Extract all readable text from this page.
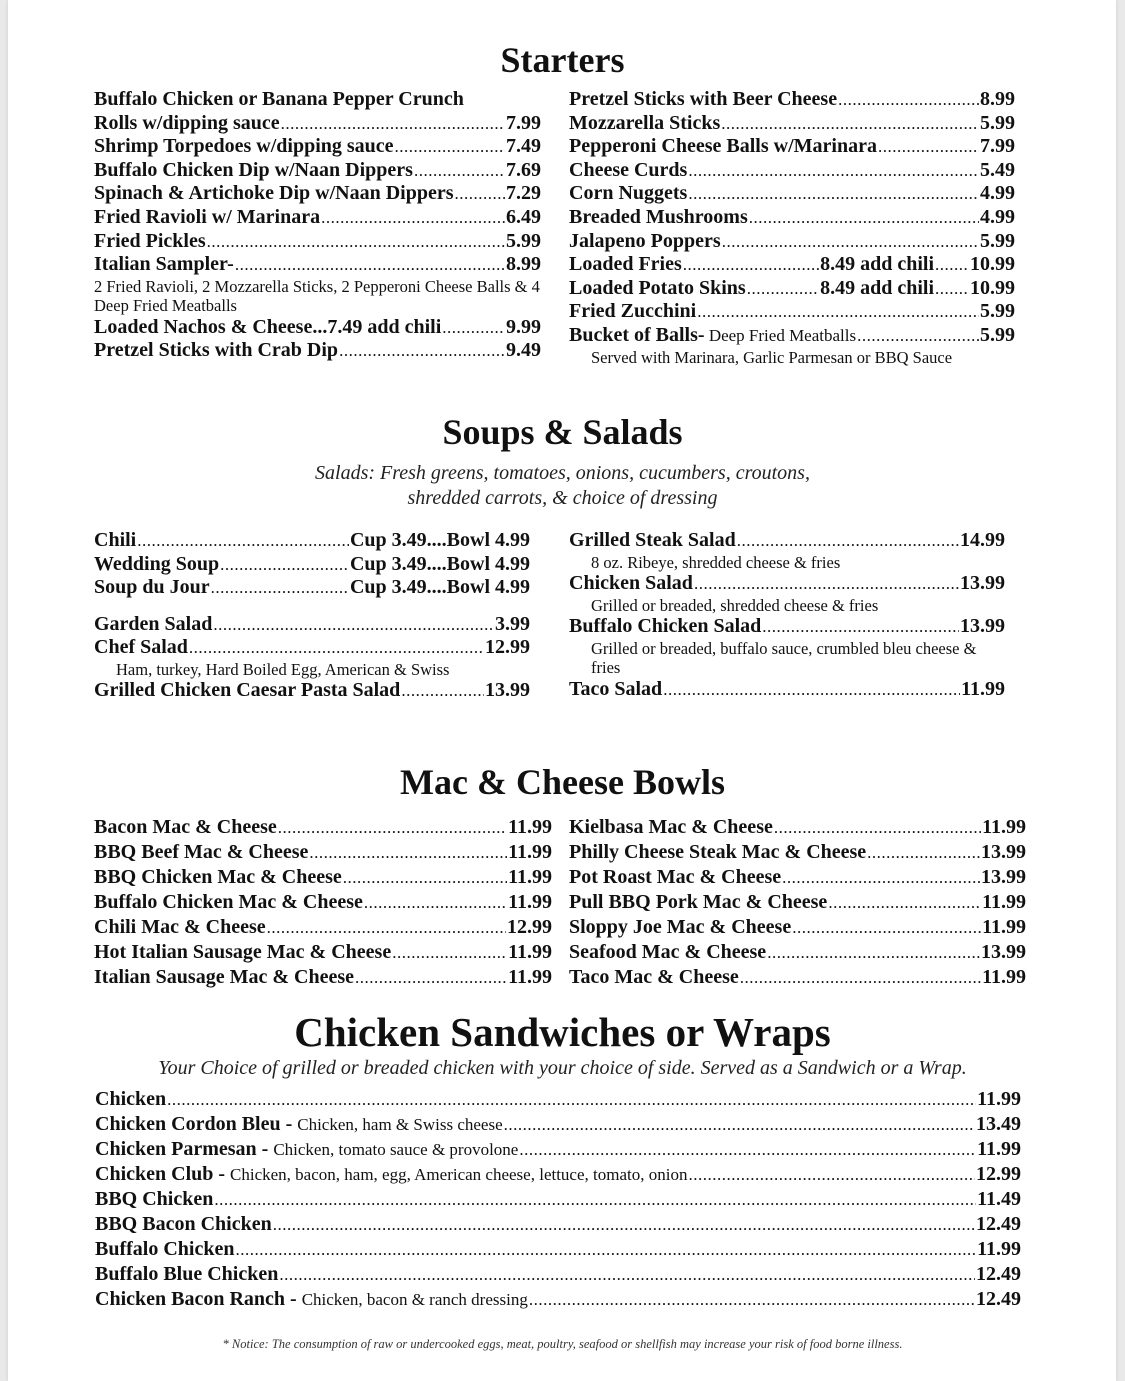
Starters
Buffalo Chicken or Banana Pepper Crunch
Rolls w/dipping sauce .....	7.99
Shrimp Torpedoes w/dipping sauce .....	7.49
Buffalo Chicken Dip w/Naan Dippers .....	7.69
Spinach & Artichoke Dip w/Naan Dippers .....	7.29
Fried Ravioli w/ Marinara .....	6.49
Fried Pickles .....	5.99
Italian Sampler- .....	8.99
2 Fried Ravioli, 2 Mozzarella Sticks, 2 Pepperoni Cheese Balls & 4 Deep Fried Meatballs
Loaded Nachos & Cheese...7.49 add chili .....	9.99
Pretzel Sticks with Crab Dip .....	9.49
Pretzel Sticks with Beer Cheese .....	8.99
Mozzarella Sticks .....	5.99
Pepperoni Cheese Balls w/Marinara .....	7.99
Cheese Curds .....	5.49
Corn Nuggets .....	4.99
Breaded Mushrooms .....	4.99
Jalapeno Poppers .....	5.99
Loaded Fries .....	8.49 add chili ..... 10.99
Loaded Potato Skins .....	8.49 add chili ..... 10.99
Fried Zucchini .....	5.99
Bucket of Balls- Deep Fried Meatballs .....	5.99
Served with Marinara, Garlic Parmesan or BBQ Sauce
Soups & Salads
Salads: Fresh greens, tomatoes, onions, cucumbers, croutons,
shredded carrots, & choice of dressing
Chili .....	Cup 3.49....Bowl 4.99
Wedding Soup .....	Cup 3.49....Bowl 4.99
Soup du Jour .....	Cup 3.49....Bowl 4.99
Garden Salad .....	3.99
Chef Salad .....	12.99
Ham, turkey, Hard Boiled Egg, American & Swiss
Grilled Chicken Caesar Pasta Salad .....	13.99
Grilled Steak Salad .....	14.99
8 oz. Ribeye, shredded cheese & fries
Chicken Salad .....	13.99
Grilled or breaded, shredded cheese & fries
Buffalo Chicken Salad .....	13.99
Grilled or breaded, buffalo sauce, crumbled bleu cheese & fries
Taco Salad .....	11.99
Mac & Cheese Bowls
Bacon Mac & Cheese .....	11.99
BBQ Beef Mac & Cheese .....	11.99
BBQ Chicken Mac & Cheese .....	11.99
Buffalo Chicken Mac & Cheese .....	11.99
Chili Mac & Cheese .....	12.99
Hot Italian Sausage Mac & Cheese .....	11.99
Italian Sausage Mac & Cheese .....	11.99
Kielbasa Mac & Cheese .....	11.99
Philly Cheese Steak Mac & Cheese .....	13.99
Pot Roast Mac & Cheese .....	13.99
Pull BBQ Pork Mac & Cheese .....	11.99
Sloppy Joe Mac & Cheese .....	11.99
Seafood Mac & Cheese .....	13.99
Taco Mac & Cheese .....	11.99
Chicken Sandwiches or Wraps
Your Choice of grilled or breaded chicken with your choice of side. Served as a Sandwich or a Wrap.
Chicken .....	11.99
Chicken Cordon Bleu - Chicken, ham & Swiss cheese .....	13.49
Chicken Parmesan - Chicken, tomato sauce & provolone .....	11.99
Chicken Club - Chicken, bacon, ham, egg, American cheese, lettuce, tomato, onion .....	12.99
BBQ Chicken .....	11.49
BBQ Bacon Chicken .....	12.49
Buffalo Chicken .....	11.99
Buffalo Blue Chicken .....	12.49
Chicken Bacon Ranch - Chicken, bacon & ranch dressing .....	12.49
* Notice: The consumption of raw or undercooked eggs, meat, poultry, seafood or shellfish may increase your risk of food borne illness.
